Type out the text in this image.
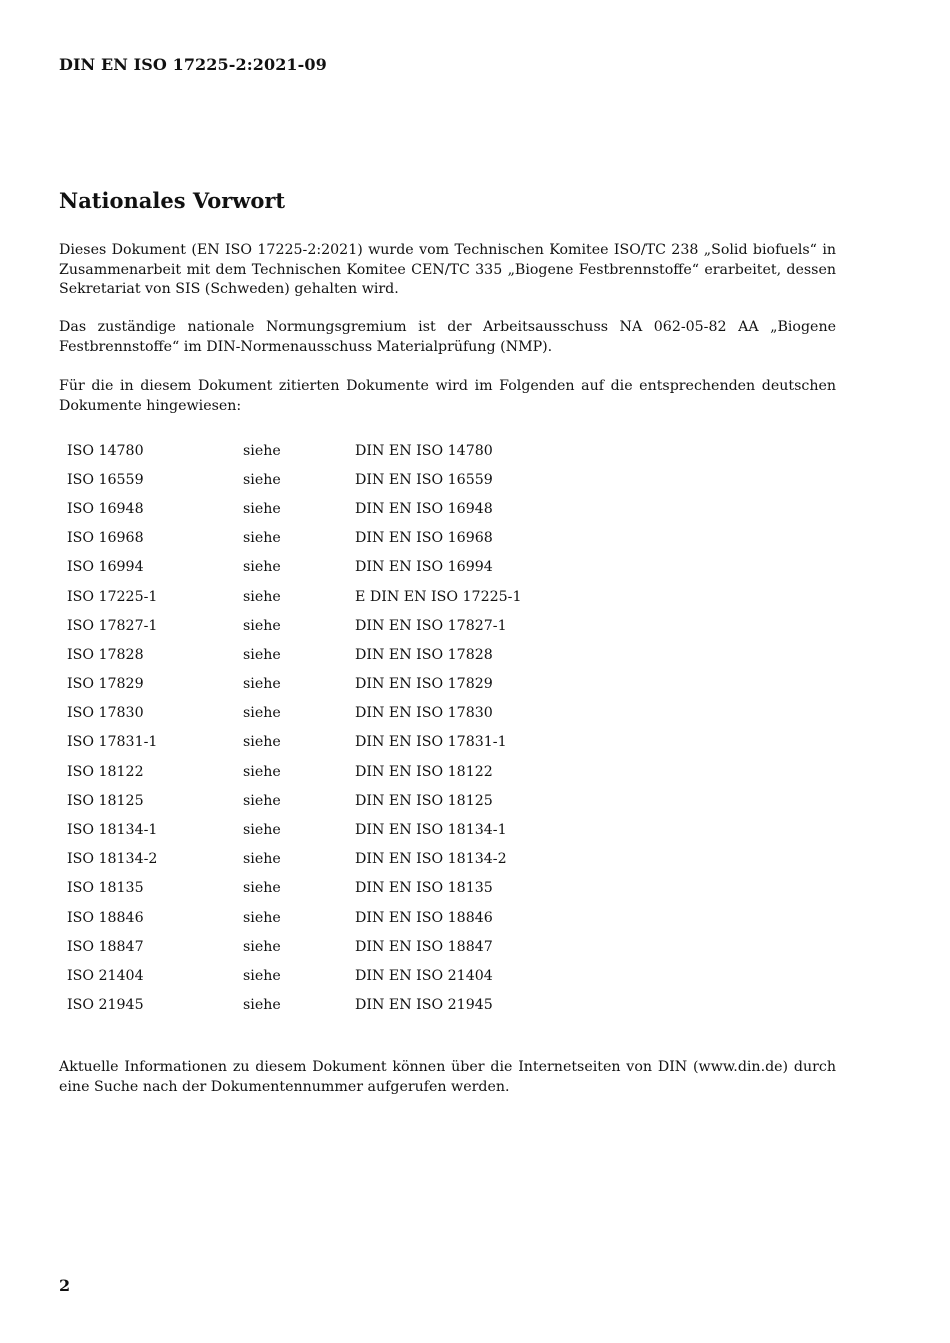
DIN EN ISO 17225-2:2021-09
Nationales Vorwort
Dieses Dokument (EN ISO 17225-2:2021) wurde vom Technischen Komitee ISO/TC 238 „Solid biofuels“ in Zusammenarbeit mit dem Technischen Komitee CEN/TC 335 „Biogene Festbrennstoffe“ erarbeitet, dessen Sekretariat von SIS (Schweden) gehalten wird.
Das zuständige nationale Normungsgremium ist der Arbeitsausschuss NA 062-05-82 AA „Biogene Festbrennstoffe“ im DIN-Normenausschuss Materialprüfung (NMP).
Für die in diesem Dokument zitierten Dokumente wird im Folgenden auf die entsprechenden deutschen Dokumente hingewiesen:
ISO 14780	siehe	DIN EN ISO 14780
ISO 16559	siehe	DIN EN ISO 16559
ISO 16948	siehe	DIN EN ISO 16948
ISO 16968	siehe	DIN EN ISO 16968
ISO 16994	siehe	DIN EN ISO 16994
ISO 17225-1	siehe	E DIN EN ISO 17225-1
ISO 17827-1	siehe	DIN EN ISO 17827-1
ISO 17828	siehe	DIN EN ISO 17828
ISO 17829	siehe	DIN EN ISO 17829
ISO 17830	siehe	DIN EN ISO 17830
ISO 17831-1	siehe	DIN EN ISO 17831-1
ISO 18122	siehe	DIN EN ISO 18122
ISO 18125	siehe	DIN EN ISO 18125
ISO 18134-1	siehe	DIN EN ISO 18134-1
ISO 18134-2	siehe	DIN EN ISO 18134-2
ISO 18135	siehe	DIN EN ISO 18135
ISO 18846	siehe	DIN EN ISO 18846
ISO 18847	siehe	DIN EN ISO 18847
ISO 21404	siehe	DIN EN ISO 21404
ISO 21945	siehe	DIN EN ISO 21945
Aktuelle Informationen zu diesem Dokument können über die Internetseiten von DIN (www.din.de) durch eine Suche nach der Dokumentennummer aufgerufen werden.
2
